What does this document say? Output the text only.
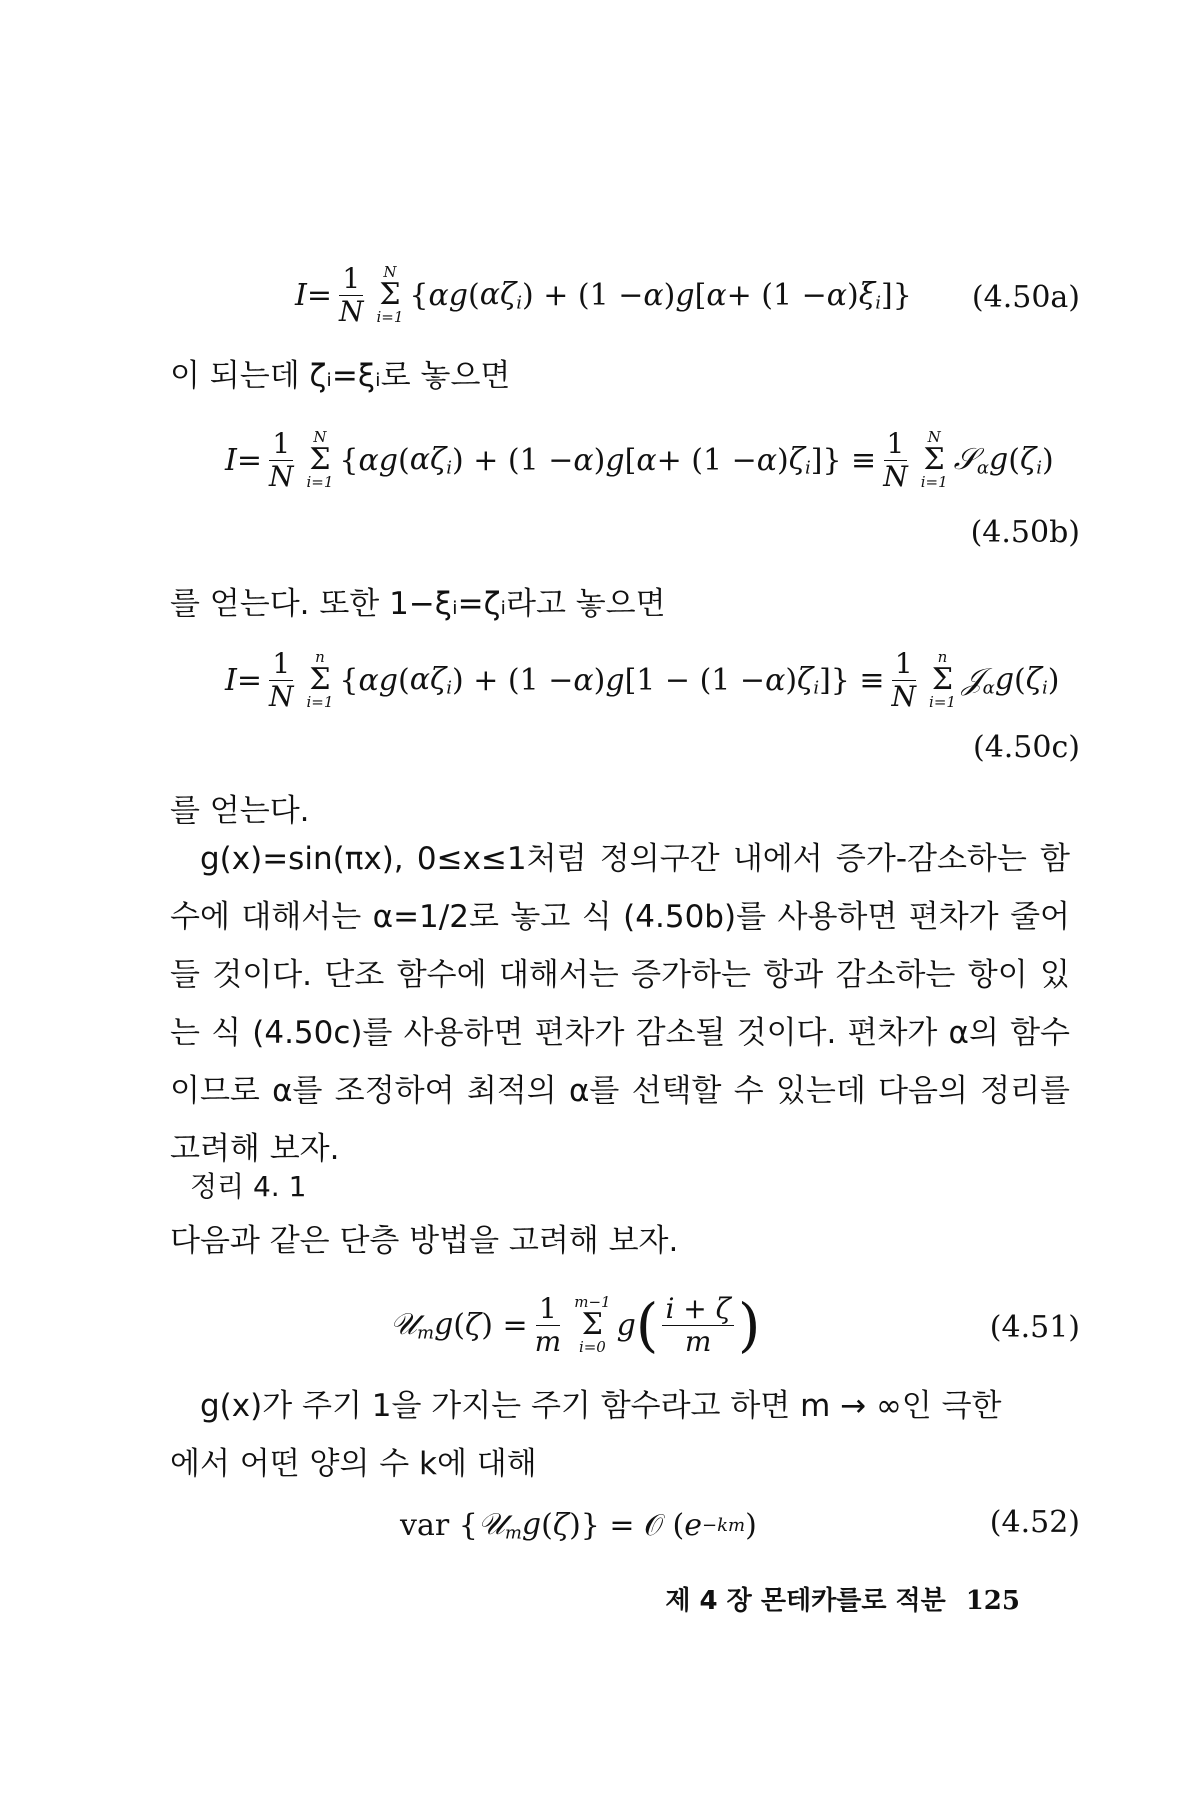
$I = \frac{1}{N}$ N
Σ
i=1
{ αg ( $\alpha\zeta_i$ ) + (1 − α ) g [ α + (1 − α ) $\xi_i$ ]}	(4.50a)
이 되는데 ζᵢ=ξᵢ로 놓으면
$I = \frac{1}{N}$ N
Σ
i=1
{ αg ( $\alpha\zeta_i$ ) + (1 − α ) g [ α + (1 − α ) $\zeta_i$ ]} ≡ $\frac{1}{N}$ N
Σ
i=1
𝒮$_\alpha$g ( $\zeta_i$ )
(4.50b)
를 얻는다. 또한 1−ξᵢ=ζᵢ라고 놓으면
$I = \frac{1}{N}$ n
Σ
i=1
{ αg ( $\alpha\zeta_i$ ) + (1 − α ) g [1 − (1 − α ) $\zeta_i$ ]} ≡ $\frac{1}{N}$ n
Σ
i=1
𝒥$_\alpha$g ( $\zeta_i$ )
(4.50c)
를 얻는다.
g(x)=sin(πx), 0≤x≤1처럼 정의구간 내에서 증가-감소하는 함수에 대해서는 α=1/2로 놓고 식 (4.50b)를 사용하면 편차가 줄어들 것이다. 단조 함수에 대해서는 증가하는 항과 감소하는 항이 있는 식 (4.50c)를 사용하면 편차가 감소될 것이다. 편차가 α의 함수이므로 α를 조정하여 최적의 α를 선택할 수 있는데 다음의 정리를 고려해 보자.
정리 4. 1
다음과 같은 단층 방법을 고려해 보자.
𝒰$_m$g ( ζ ) = $\frac{1}{m} m-1$
Σ
i=0
g ( $\frac{i + \zeta}{m}$ )	(4.51)
g(x)가 주기 1을 가지는 주기 함수라고 하면 m → ∞인 극한
에서 어떤 양의 수 k에 대해
var { 𝒰$_m$g ( ζ )} = 𝒪 ( e −km )	(4.52)
제 4 장 몬테카를로 적분 125
